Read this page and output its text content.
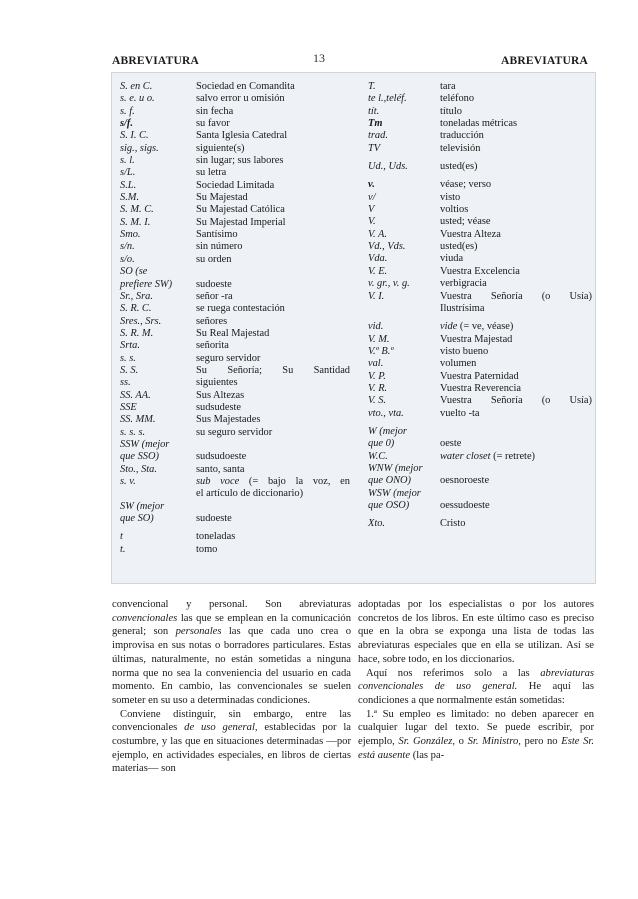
ABREVIATURA	13	ABREVIATURA
S. en C.	Sociedad en Comandita
s. e. u o.	salvo error u omisión
s. f.	sin fecha
s/f.	su favor
S. I. C.	Santa Iglesia Catedral
sig., sigs.	siguiente(s)
s. l.	sin lugar; sus labores
s/L.	su letra
S.L.	Sociedad Limitada
S.M.	Su Majestad
S. M. C.	Su Majestad Católica
S. M. I.	Su Majestad Imperial
Smo.	Santísimo
s/n.	sin número
s/o.	su orden
SO (se
prefiere SW)	sudoeste
Sr., Sra.	señor -ra
S. R. C.	se ruega contestación
Sres., Srs.	señores
S. R. M.	Su Real Majestad
Srta.	señorita
s. s.	seguro servidor
S. S.	Su Señoría; Su Santidad
ss.	siguientes
SS. AA.	Sus Altezas
SSE	sudsudeste
SS. MM.	Sus Majestades
s. s. s.	su seguro servidor
SSW (mejor
que SSO)	sudsudoeste
Sto., Sta.	santo, santa
s. v.	sub voce (= bajo la voz, en
el artículo de diccionario)
SW (mejor
que SO)	sudoeste
t	toneladas
t.	tomo
T.	tara
te l.,teléf.	teléfono
tít.	título
Tm	toneladas métricas
trad.	traducción
TV	televisión
Ud., Uds.	usted(es)
v.	véase; verso
v/	visto
V	voltios
V.	usted; véase
V. A.	Vuestra Alteza
Vd., Vds.	usted(es)
Vda.	viuda
V. E.	Vuestra Excelencia
v. gr., v. g.	verbigracia
V. I.	Vuestra Señoría (o Usía)
Ilustrísima
vid.	vide (= ve, véase)
V. M.	Vuestra Majestad
V.º B.º	visto bueno
val.	volumen
V. P.	Vuestra Paternidad
V. R.	Vuestra Reverencia
V. S.	Vuestra Señoría (o Usía)
vto., vta.	vuelto -ta
W (mejor
que 0)	oeste
W.C.	water closet (= retrete)
WNW (mejor
que ONO)	oesnoroeste
WSW (mejor
que OSO)	oessudoeste
Xto.	Cristo

convencional y personal. Son abreviaturas convencionales las que se emplean en la comunicación general; son personales las que cada uno crea o improvisa en sus notas o borradores particulares. Estas últimas, naturalmente, no están sometidas a ninguna norma que no sea la conveniencia del usuario en cada momento. En cambio, las convencionales se suelen someter en su uso a determinadas condiciones.

Conviene distinguir, sin embargo, entre las convencionales de uso general, establecidas por la costumbre, y las que en situaciones determinadas —por ejemplo, en actividades especiales, en libros de ciertas materias— son

adoptadas por los especialistas o por los autores concretos de los libros. En este último caso es preciso que en la obra se exponga una lista de todas las abreviaturas especiales que en ella se utilizan. Así se hace, sobre todo, en los diccionarios.

Aquí nos referimos solo a las abreviaturas convencionales de uso general. He aquí las condiciones a que normalmente están sometidas:

1.ª Su empleo es limitado: no deben aparecer en cualquier lugar del texto. Se puede escribir, por ejemplo, Sr. González, o Sr. Ministro, pero no Este Sr. está ausente (las pa-
